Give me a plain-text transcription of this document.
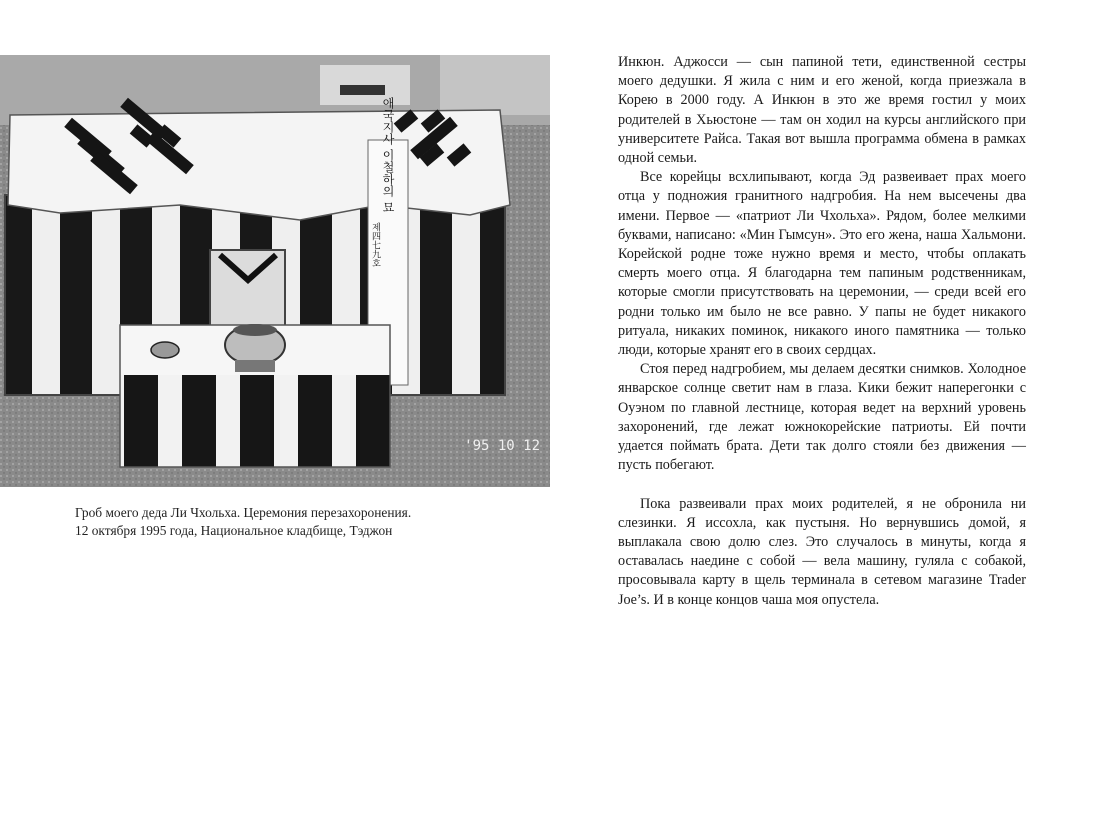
애국지사 이철하의 묘
제四七九호
'95 10 12

Гроб моего деда Ли Чхольха. Церемония перезахоронения.

12 октября 1995 года, Национальное кладбище, Тэджон

Инкюн. Аджосси — сын папиной тети, единственной сестры моего дедушки. Я жила с ним и его женой, когда приезжала в Корею в 2000 году. А Инкюн в это же время гостил у моих родителей в Хьюстоне — там он ходил на курсы английского при университете Райса. Такая вот вышла программа обмена в рамках одной семьи.

Все корейцы всхлипывают, когда Эд развеивает прах моего отца у подножия гранитного надгробия. На нем высечены два имени. Первое — «патриот Ли Чхольха». Рядом, более мелкими буквами, написано: «Мин Гымсун». Это его жена, наша Хальмони. Корейской родне тоже нужно время и место, чтобы оплакать смерть моего отца. Я благодарна тем папиным родственникам, которые смогли присутствовать на церемонии, — среди всей его родни только им было не все равно. У папы не будет никакого ритуала, никаких поминок, никакого иного памятника — только люди, которые хранят его в своих сердцах.

Стоя перед надгробием, мы делаем десятки снимков. Холодное январское солнце светит нам в глаза. Кики бежит наперегонки с Оуэном по главной лестнице, которая ведет на верхний уровень захоронений, где лежат южнокорейские патриоты. Ей почти удается поймать брата. Дети так долго стояли без движения — пусть побегают.

Пока развеивали прах моих родителей, я не обронила ни слезинки. Я иссохла, как пустыня. Но вернувшись домой, я выплакала свою долю слез. Это случалось в минуты, когда я оставалась наедине с собой — вела машину, гуляла с собакой, просовывала карту в щель терминала в сетевом магазине Trader Joe’s. И в конце концов чаша моя опустела.
